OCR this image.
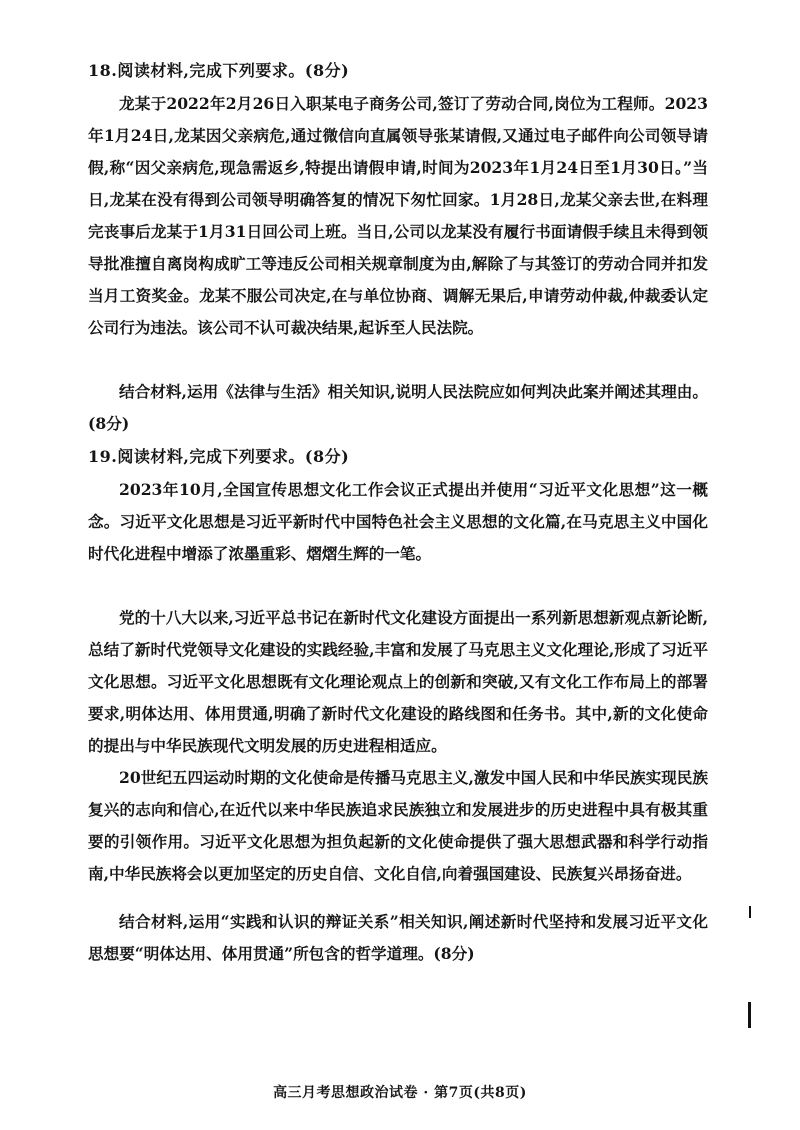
18.阅读材料,完成下列要求。(8分)
龙某于2022年2月26日入职某电子商务公司,签订了劳动合同,岗位为工程师。2023年1月24日,龙某因父亲病危,通过微信向直属领导张某请假,又通过电子邮件向公司领导请假,称“因父亲病危,现急需返乡,特提出请假申请,时间为2023年1月24日至1月30日。”当日,龙某在没有得到公司领导明确答复的情况下匆忙回家。1月28日,龙某父亲去世,在料理完丧事后龙某于1月31日回公司上班。当日,公司以龙某没有履行书面请假手续且未得到领导批准擅自离岗构成旷工等违反公司相关规章制度为由,解除了与其签订的劳动合同并扣发当月工资奖金。龙某不服公司决定,在与单位协商、调解无果后,申请劳动仲裁,仲裁委认定公司行为违法。该公司不认可裁决结果,起诉至人民法院。
结合材料,运用《法律与生活》相关知识,说明人民法院应如何判决此案并阐述其理由。(8分)
19.阅读材料,完成下列要求。(8分)
2023年10月,全国宣传思想文化工作会议正式提出并使用“习近平文化思想”这一概念。习近平文化思想是习近平新时代中国特色社会主义思想的文化篇,在马克思主义中国化时代化进程中增添了浓墨重彩、熠熠生辉的一笔。
党的十八大以来,习近平总书记在新时代文化建设方面提出一系列新思想新观点新论断,总结了新时代党领导文化建设的实践经验,丰富和发展了马克思主义文化理论,形成了习近平文化思想。习近平文化思想既有文化理论观点上的创新和突破,又有文化工作布局上的部署要求,明体达用、体用贯通,明确了新时代文化建设的路线图和任务书。其中,新的文化使命的提出与中华民族现代文明发展的历史进程相适应。
20世纪五四运动时期的文化使命是传播马克思主义,激发中国人民和中华民族实现民族复兴的志向和信心,在近代以来中华民族追求民族独立和发展进步的历史进程中具有极其重要的引领作用。习近平文化思想为担负起新的文化使命提供了强大思想武器和科学行动指南,中华民族将会以更加坚定的历史自信、文化自信,向着强国建设、民族复兴昂扬奋进。
结合材料,运用“实践和认识的辩证关系”相关知识,阐述新时代坚持和发展习近平文化思想要“明体达用、体用贯通”所包含的哲学道理。(8分)
高三月考思想政治试卷 · 第7页(共8页)
